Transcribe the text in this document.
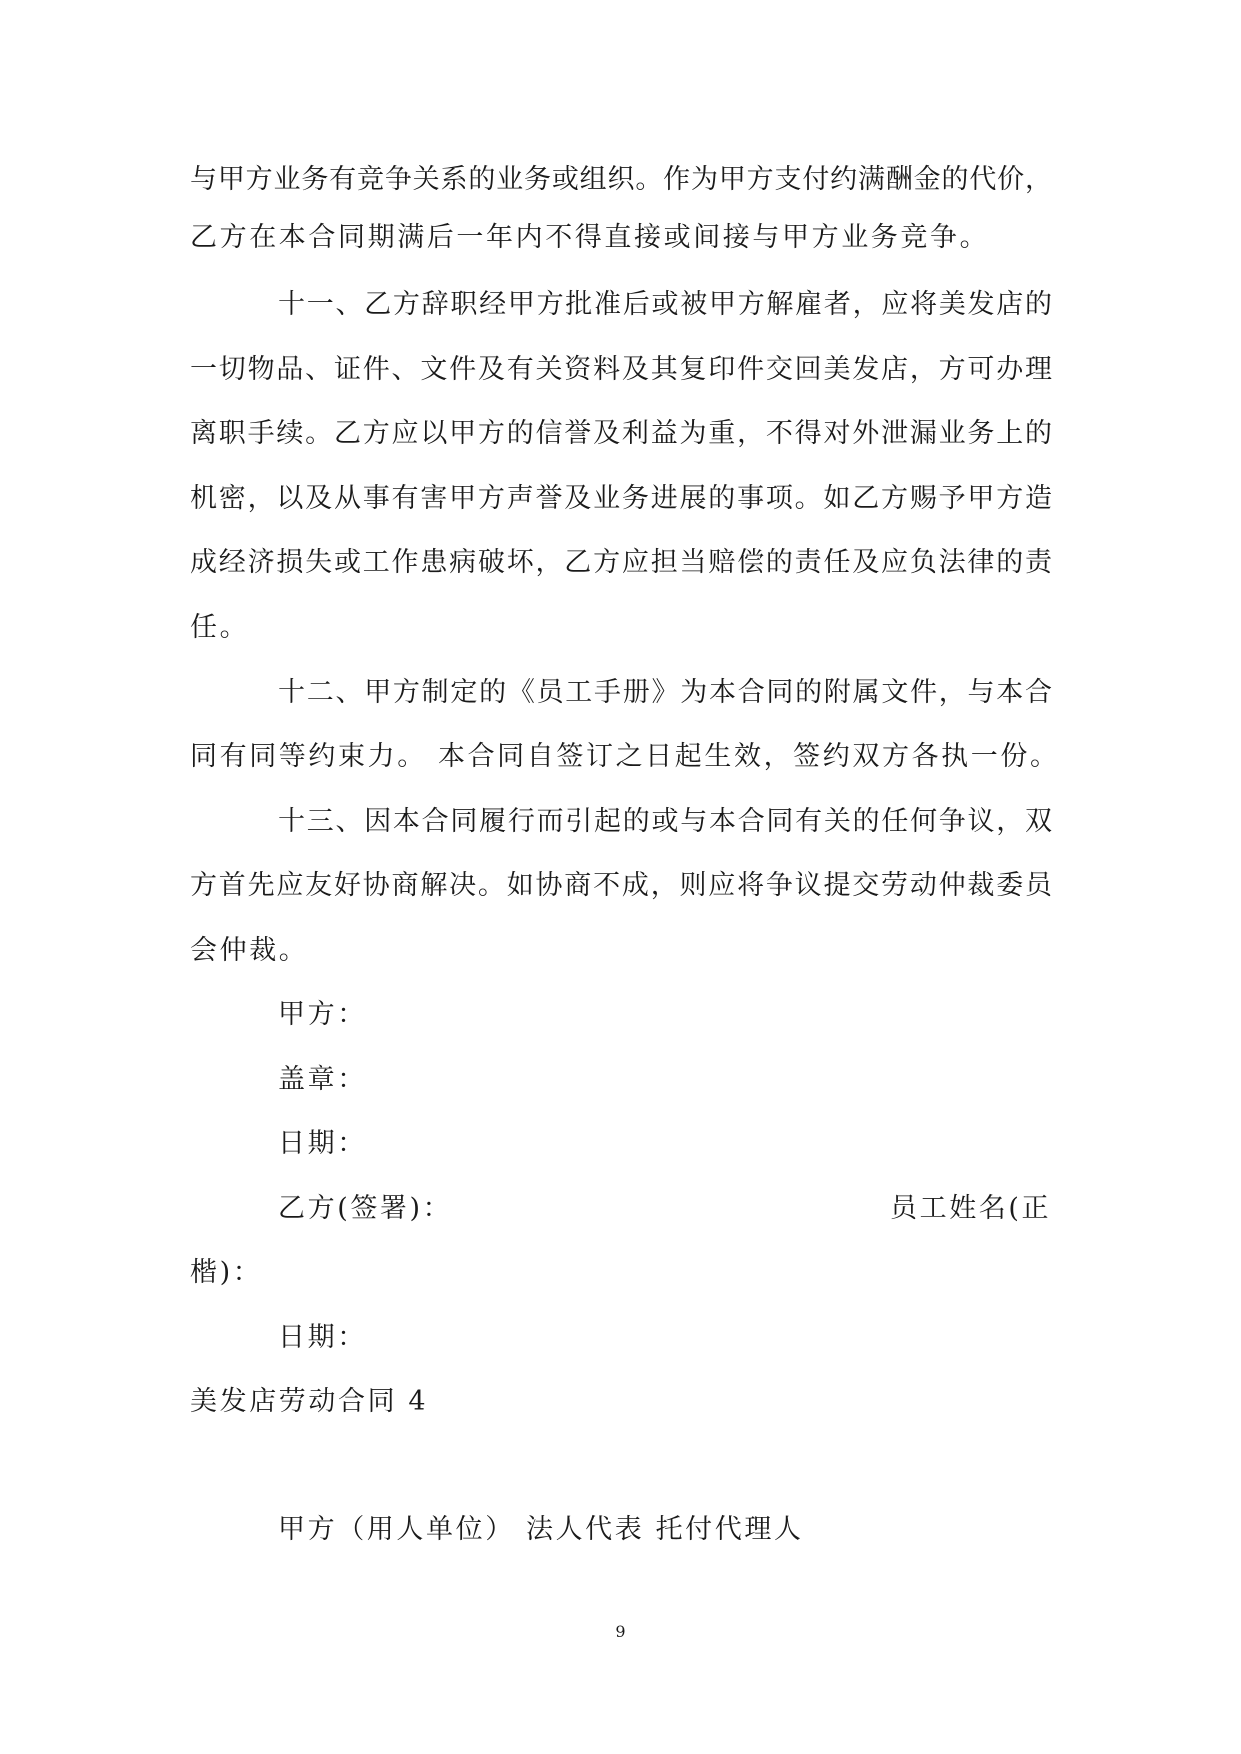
与甲方业务有竞争关系的业务或组织。作为甲方支付约满酬金的代价，
乙方在本合同期满后一年内不得直接或间接与甲方业务竞争。
十一、乙方辞职经甲方批准后或被甲方解雇者，应将美发店的
一切物品、证件、文件及有关资料及其复印件交回美发店，方可办理
离职手续。乙方应以甲方的信誉及利益为重，不得对外泄漏业务上的
机密，以及从事有害甲方声誉及业务进展的事项。如乙方赐予甲方造
成经济损失或工作患病破坏，乙方应担当赔偿的责任及应负法律的责
任。
十二、甲方制定的《员工手册》为本合同的附属文件，与本合
同有同等约束力。 本合同自签订之日起生效，签约双方各执一份。
十三、因本合同履行而引起的或与本合同有关的任何争议，双
方首先应友好协商解决。如协商不成，则应将争议提交劳动仲裁委员
会仲裁。
甲方：
盖章：
日期：
乙方(签署)：	员工姓名(正
楷)：
日期：
美发店劳动合同 4
甲方（用人单位） 法人代表 托付代理人
9
